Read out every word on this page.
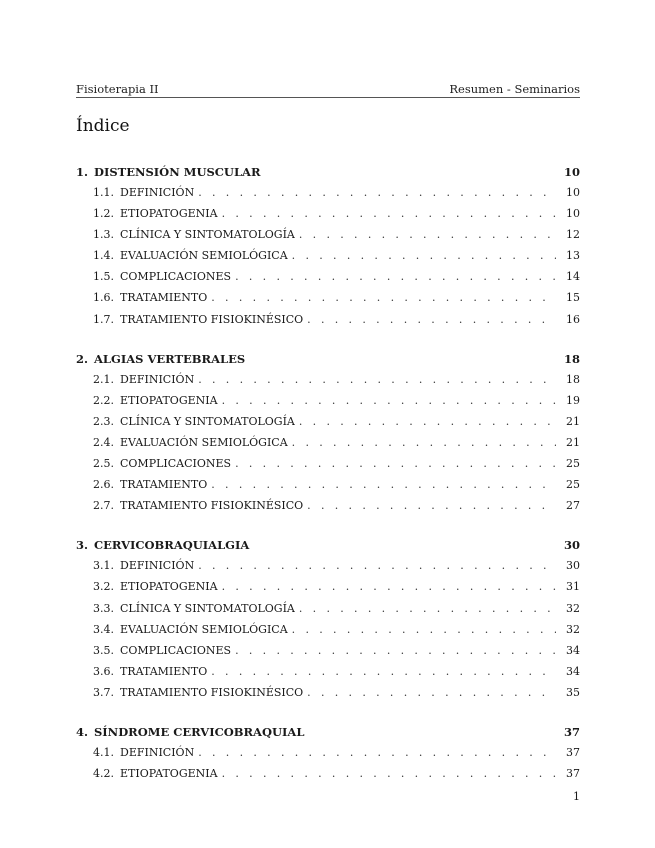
Fisioterapia II	Resumen - Seminarios
Índice
1. DISTENSIÓN MUSCULAR	10
1.1. DEFINICIÓN . . .	10
1.2. ETIOPATOGENIA . . .	10
1.3. CLÍNICA Y SINTOMATOLOGÍA . . .	12
1.4. EVALUACIÓN SEMIOLÓGICA . . .	13
1.5. COMPLICACIONES . . .	14
1.6. TRATAMIENTO . . .	15
1.7. TRATAMIENTO FISIOKINÉSICO . . .	16
2. ALGIAS VERTEBRALES	18
2.1. DEFINICIÓN . . .	18
2.2. ETIOPATOGENIA . . .	19
2.3. CLÍNICA Y SINTOMATOLOGÍA . . .	21
2.4. EVALUACIÓN SEMIOLÓGICA . . .	21
2.5. COMPLICACIONES . . .	25
2.6. TRATAMIENTO . . .	25
2.7. TRATAMIENTO FISIOKINÉSICO . . .	27
3. CERVICOBRAQUIALGIA	30
3.1. DEFINICIÓN . . .	30
3.2. ETIOPATOGENIA . . .	31
3.3. CLÍNICA Y SINTOMATOLOGÍA . . .	32
3.4. EVALUACIÓN SEMIOLÓGICA . . .	32
3.5. COMPLICACIONES . . .	34
3.6. TRATAMIENTO . . .	34
3.7. TRATAMIENTO FISIOKINÉSICO . . .	35
4. SÍNDROME CERVICOBRAQUIAL	37
4.1. DEFINICIÓN . . .	37
4.2. ETIOPATOGENIA . . .	37
1
